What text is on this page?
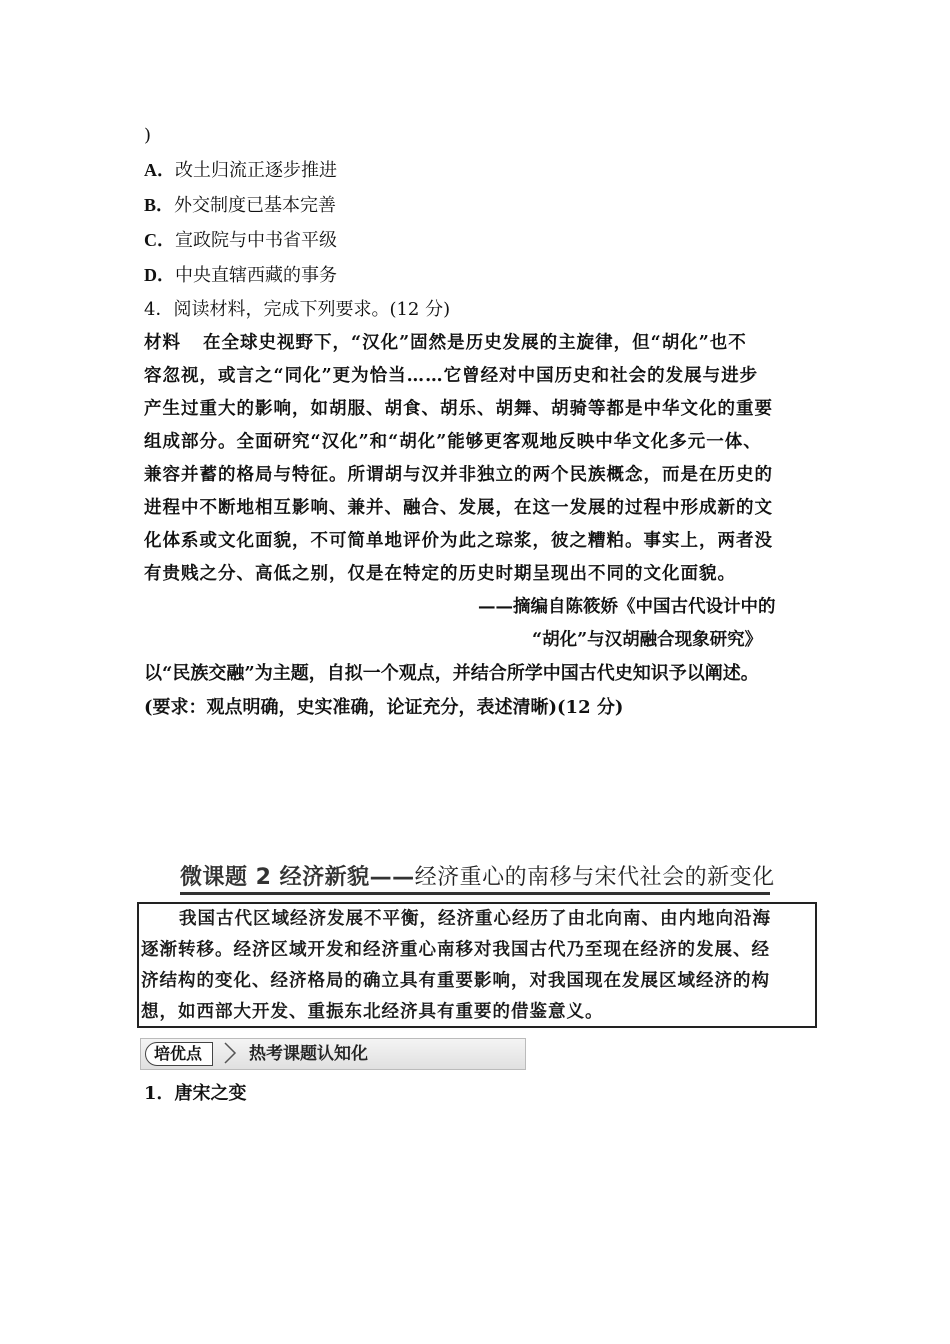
)
A．改土归流正逐步推进
B．外交制度已基本完善
C．宣政院与中书省平级
D．中央直辖西藏的事务
4．阅读材料，完成下列要求。(12 分)

材料 在全球史视野下，“汉化”固然是历史发展的主旋律，但“胡化”也不

容忽视，或言之“同化”更为恰当……它曾经对中国历史和社会的发展与进步

产生过重大的影响，如胡服、胡食、胡乐、胡舞、胡骑等都是中华文化的重要

组成部分。全面研究“汉化”和“胡化”能够更客观地反映中华文化多元一体、

兼容并蓄的格局与特征。所谓胡与汉并非独立的两个民族概念，而是在历史的

进程中不断地相互影响、兼并、融合、发展，在这一发展的过程中形成新的文

化体系或文化面貌，不可简单地评价为此之琮浆，彼之糟粕。事实上，两者没

有贵贱之分、高低之别，仅是在特定的历史时期呈现出不同的文化面貌。

——摘编自陈筱娇《中国古代设计中的
“胡化”与汉胡融合现象研究》
以“民族交融”为主题，自拟一个观点，并结合所学中国古代史知识予以阐述。
(要求：观点明确，史实准确，论证充分，表述清晰)(12 分)
微课题 2 经济新貌——经济重心的南移与宋代社会的新变化

我国古代区域经济发展不平衡，经济重心经历了由北向南、由内地向沿海

逐渐转移。经济区域开发和经济重心南移对我国古代乃至现在经济的发展、经

济结构的变化、经济格局的确立具有重要影响，对我国现在发展区域经济的构

想，如西部大开发、重振东北经济具有重要的借鉴意义。

培优点	热考课题认知化
1．唐宋之变
